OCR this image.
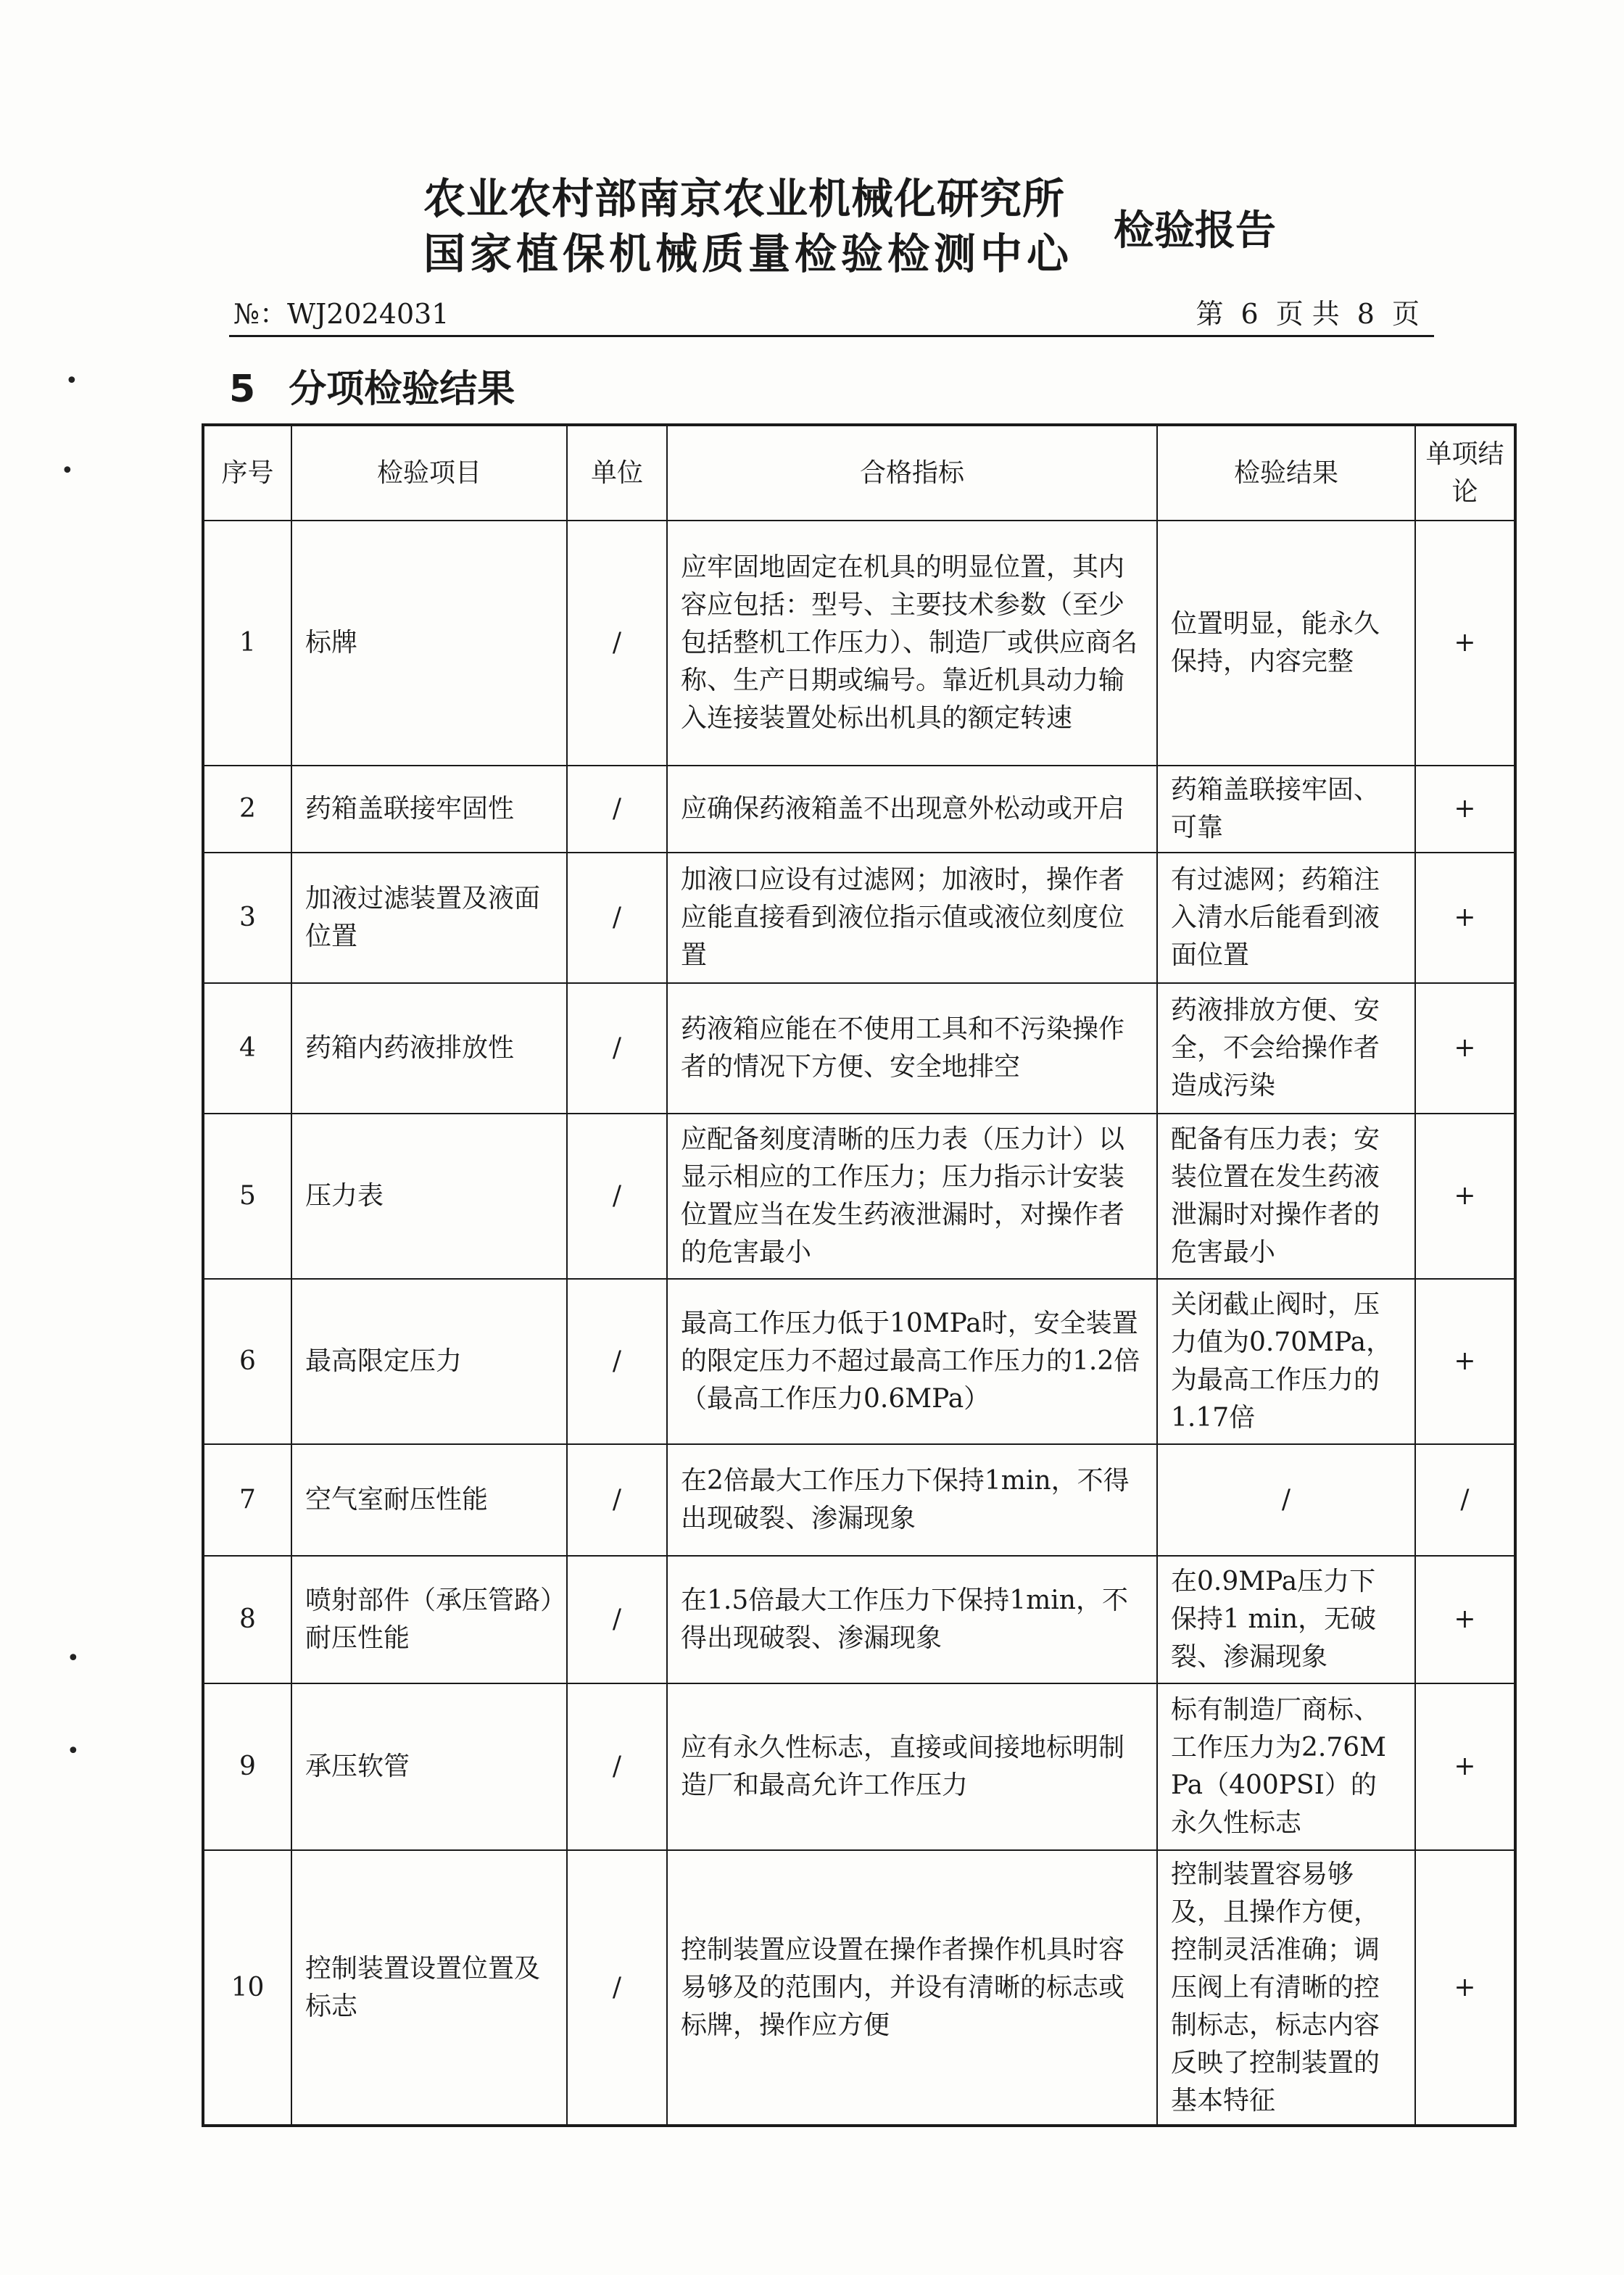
农业农村部南京农业机械化研究所
国家植保机械质量检验检测中心 检验报告
№：WJ2024031	第 6 页 共 8 页
5 分项检验结果
序号	检验项目	单位	合格指标	检验结果	单项结论
1	标牌	/	应牢固地固定在机具的明显位置，其内容应包括：型号、主要技术参数（至少包括整机工作压力）、制造厂或供应商名称、生产日期或编号。靠近机具动力输入连接装置处标出机具的额定转速	位置明显，能永久保持，内容完整	+
2	药箱盖联接牢固性	/	应确保药液箱盖不出现意外松动或开启	药箱盖联接牢固、可靠	+
3	加液过滤装置及液面位置	/	加液口应设有过滤网；加液时，操作者应能直接看到液位指示值或液位刻度位置	有过滤网；药箱注入清水后能看到液面位置	+
4	药箱内药液排放性	/	药液箱应能在不使用工具和不污染操作者的情况下方便、安全地排空	药液排放方便、安全，不会给操作者造成污染	+
5	压力表	/	应配备刻度清晰的压力表（压力计）以显示相应的工作压力；压力指示计安装位置应当在发生药液泄漏时，对操作者的危害最小	配备有压力表；安装位置在发生药液泄漏时对操作者的危害最小	+
6	最高限定压力	/	最高工作压力低于10MPa时，安全装置的限定压力不超过最高工作压力的1.2倍（最高工作压力0.6MPa）	关闭截止阀时，压力值为0.70MPa，为最高工作压力的1.17倍	+
7	空气室耐压性能	/	在2倍最大工作压力下保持1min，不得出现破裂、渗漏现象	/	/
8	喷射部件（承压管路）耐压性能	/	在1.5倍最大工作压力下保持1min，不得出现破裂、渗漏现象	在0.9MPa压力下保持1 min，无破裂、渗漏现象	+
9	承压软管	/	应有永久性标志，直接或间接地标明制造厂和最高允许工作压力	标有制造厂商标、工作压力为2.76MPa（400PSI）的永久性标志	+
10	控制装置设置位置及标志	/	控制装置应设置在操作者操作机具时容易够及的范围内，并设有清晰的标志或标牌，操作应方便	控制装置容易够及，且操作方便，控制灵活准确；调压阀上有清晰的控制标志，标志内容反映了控制装置的基本特征	+
•
•
•
•
